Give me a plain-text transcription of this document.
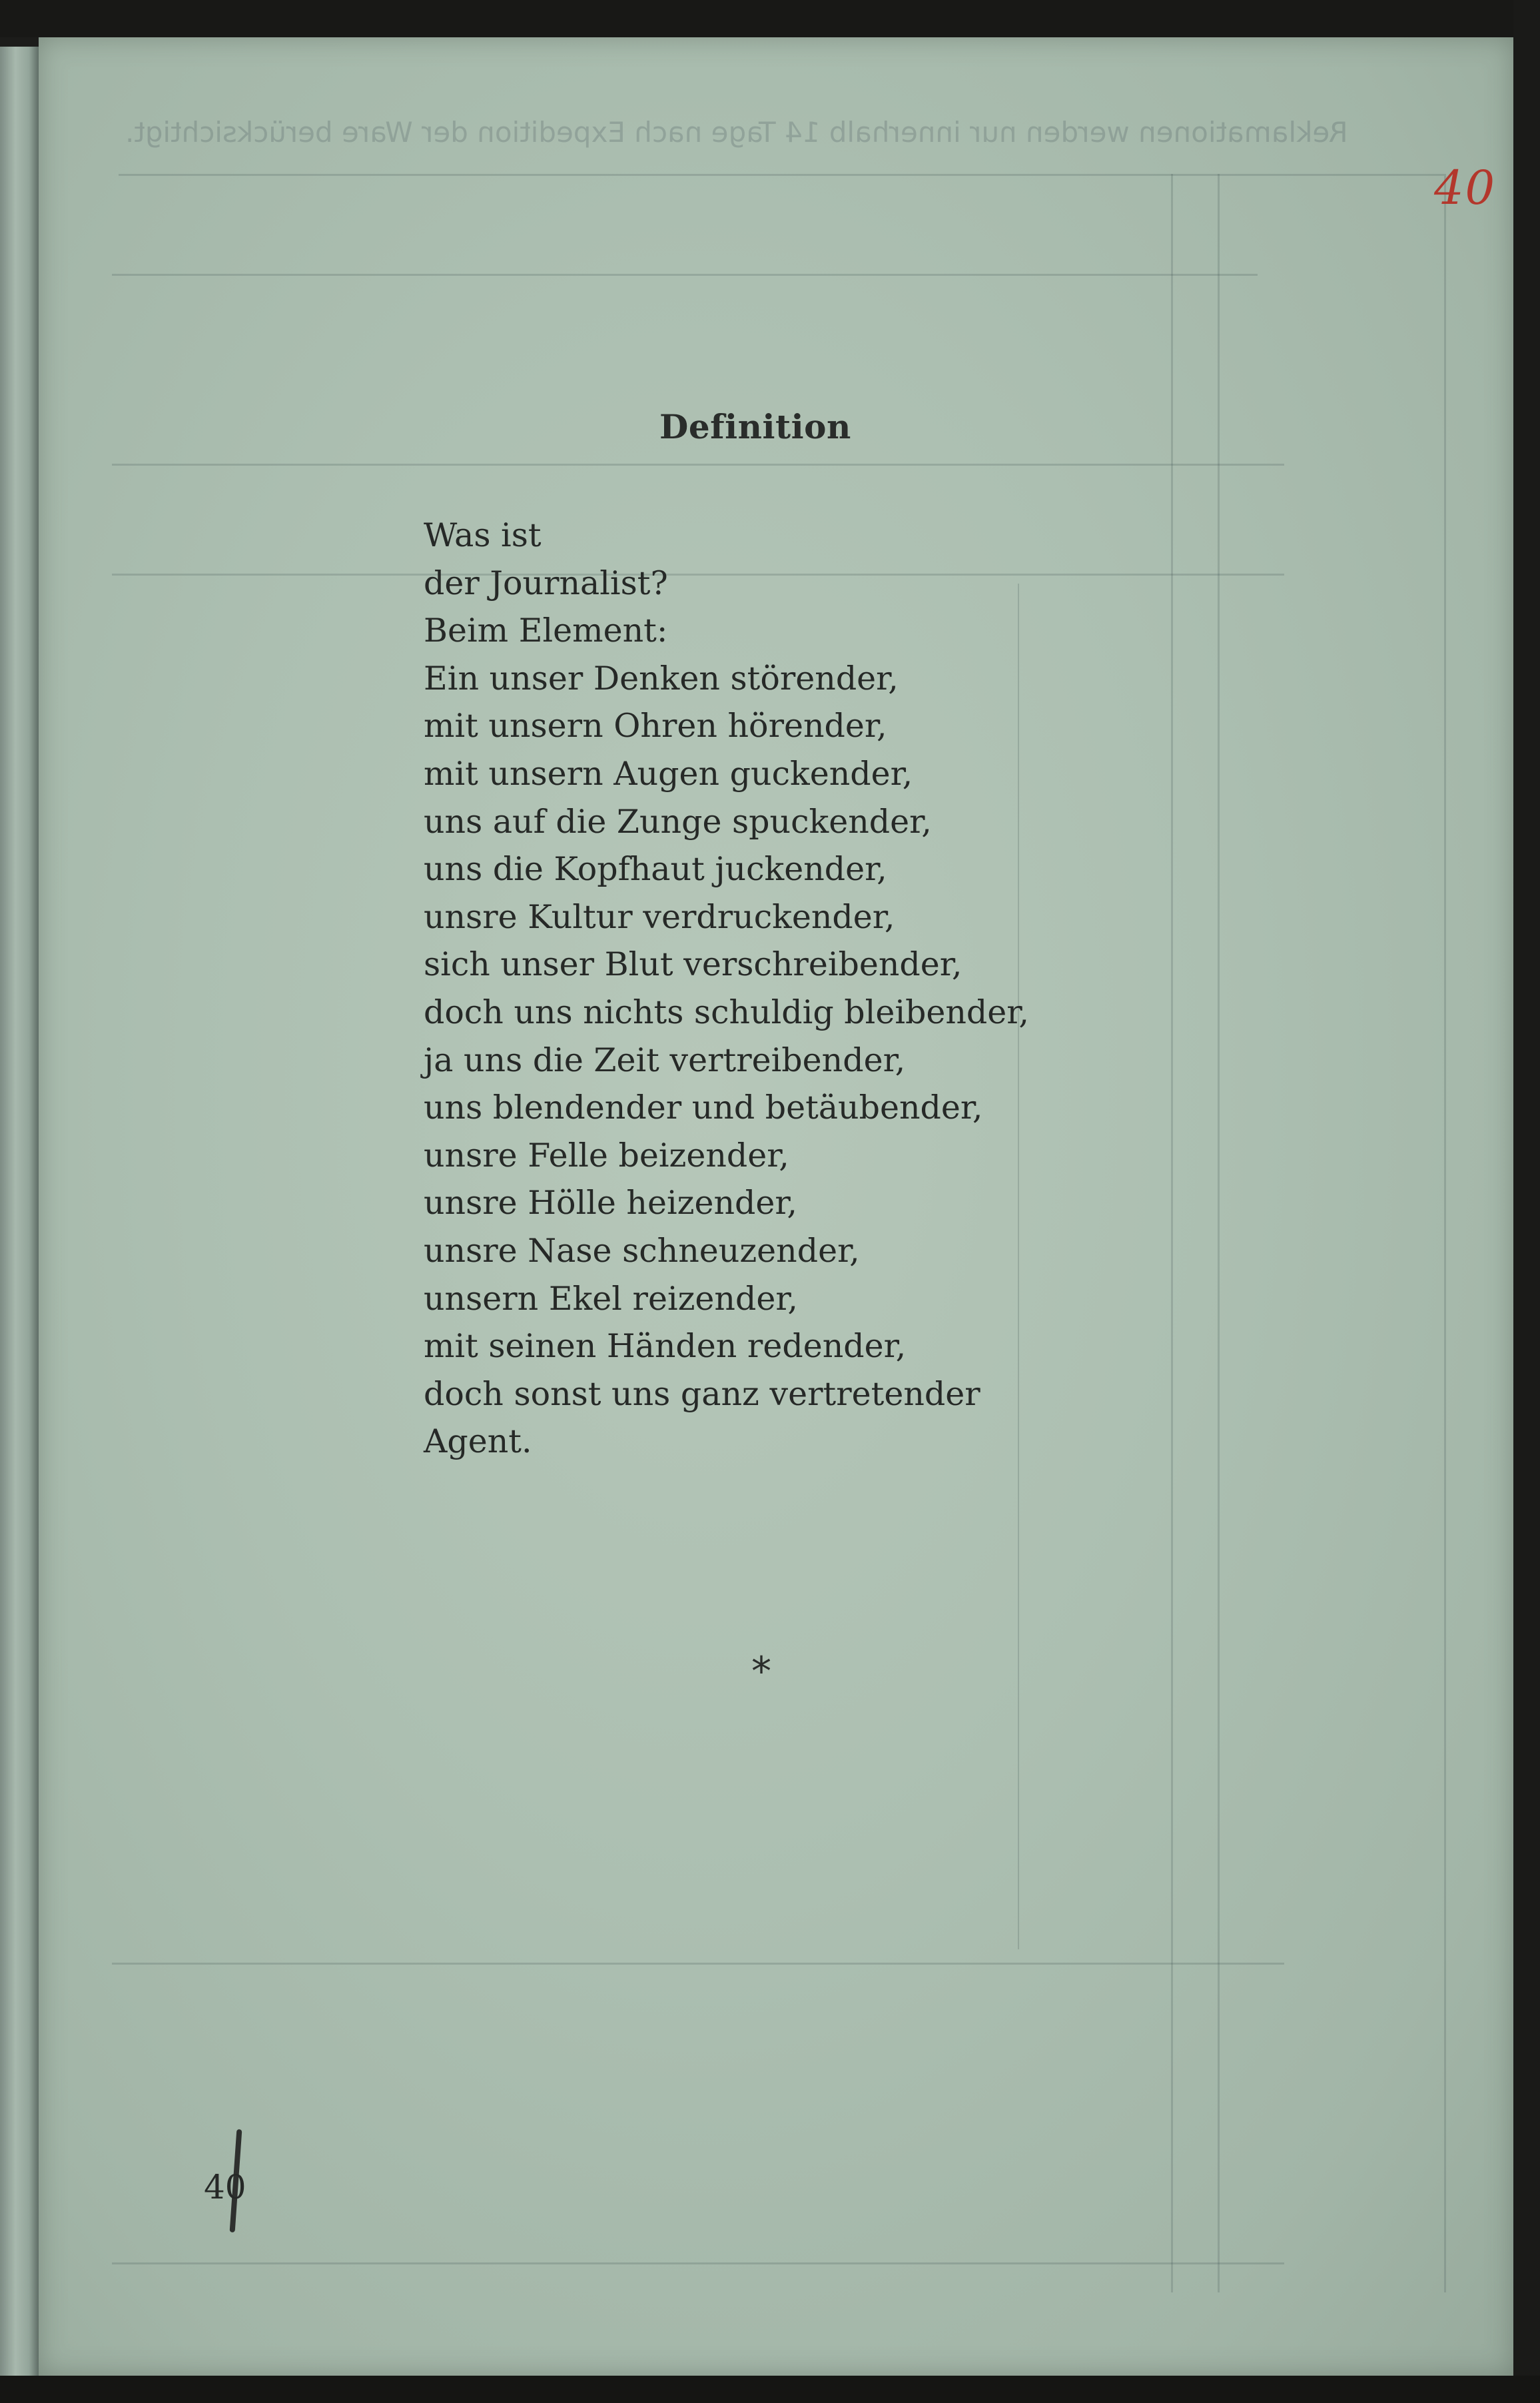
Reklamationen werden nur innerhalb 14 Tage nach Expedition der Ware berücksichtigt.
40
Definition
Was ist
der Journalist?
Beim Element:
Ein unser Denken störender,
mit unsern Ohren hörender,
mit unsern Augen guckender,
uns auf die Zunge spuckender,
uns die Kopfhaut juckender,
unsre Kultur verdruckender,
sich unser Blut verschreibender,
doch uns nichts schuldig bleibender,
ja uns die Zeit vertreibender,
uns blendender und betäubender,
unsre Felle beizender,
unsre Hölle heizender,
unsre Nase schneuzender,
unsern Ekel reizender,
mit seinen Händen redender,
doch sonst uns ganz vertretender
Agent.
*
40
